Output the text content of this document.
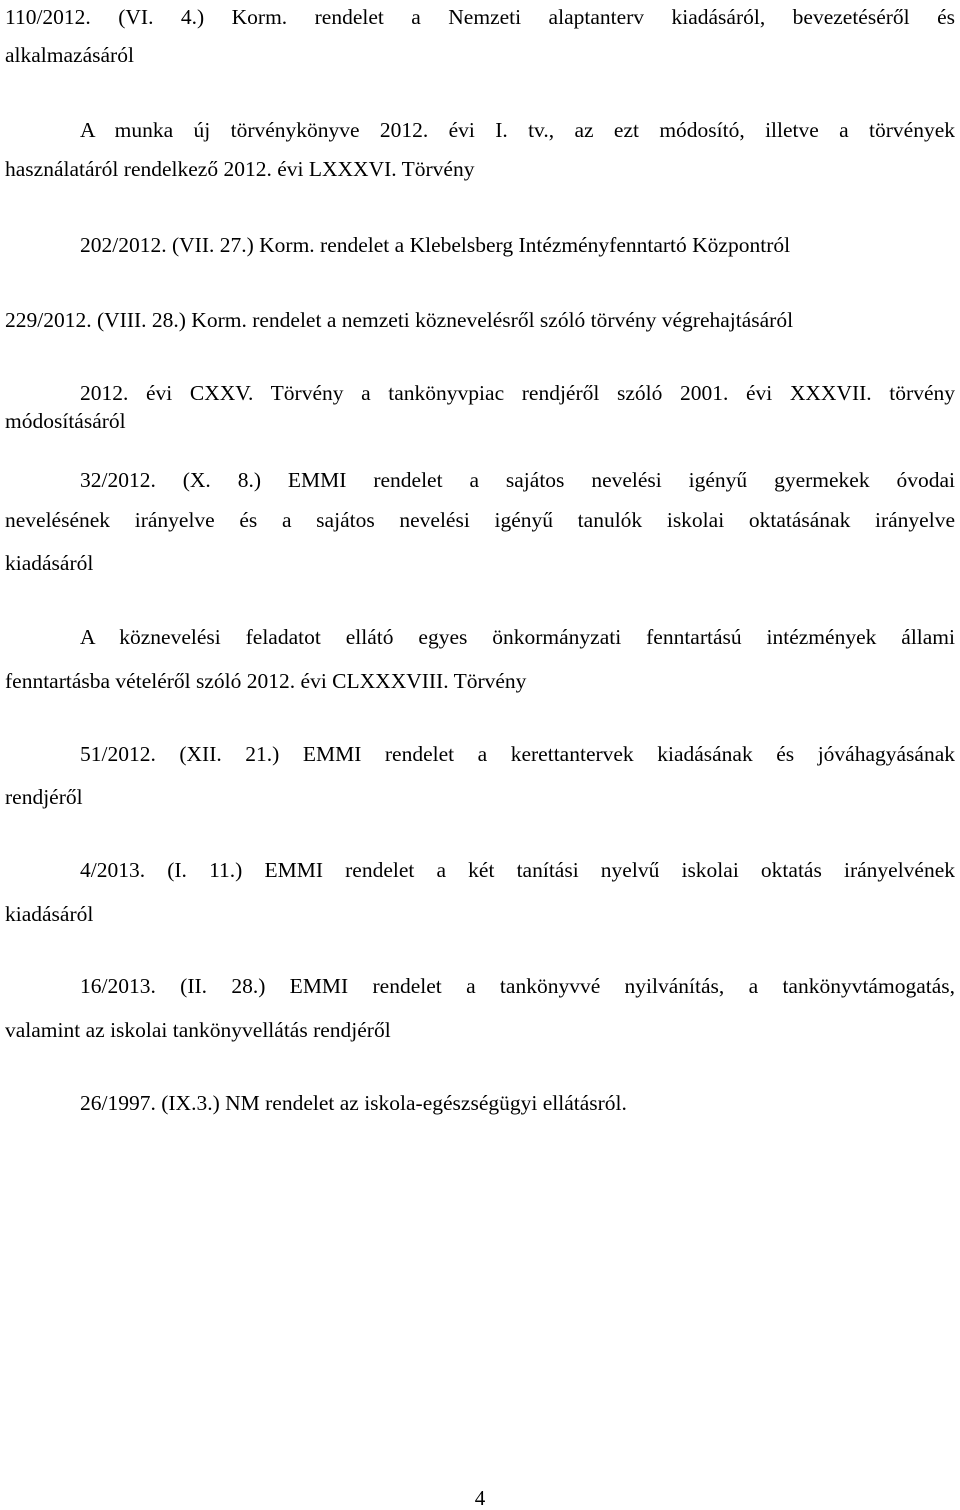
110/2012. (VI. 4.) Korm. rendelet a Nemzeti alaptanterv kiadásáról, bevezetéséről és
alkalmazásáról
A munka új törvénykönyve 2012. évi I. tv., az ezt módosító, illetve a törvények
használatáról rendelkező 2012. évi LXXXVI. Törvény
202/2012. (VII. 27.) Korm. rendelet a Klebelsberg Intézményfenntartó Központról
229/2012. (VIII. 28.) Korm. rendelet a nemzeti köznevelésről szóló törvény végrehajtásáról
2012. évi CXXV. Törvény a tankönyvpiac rendjéről szóló 2001. évi XXXVII. törvény
módosításáról
32/2012. (X. 8.) EMMI rendelet a sajátos nevelési igényű gyermekek óvodai
nevelésének irányelve és a sajátos nevelési igényű tanulók iskolai oktatásának irányelve
kiadásáról
A köznevelési feladatot ellátó egyes önkormányzati fenntartású intézmények állami
fenntartásba vételéről szóló 2012. évi CLXXXVIII. Törvény
51/2012. (XII. 21.) EMMI rendelet a kerettantervek kiadásának és jóváhagyásának
rendjéről
4/2013. (I. 11.) EMMI rendelet a két tanítási nyelvű iskolai oktatás irányelvének
kiadásáról
16/2013. (II. 28.) EMMI rendelet a tankönyvvé nyilvánítás, a tankönyvtámogatás,
valamint az iskolai tankönyvellátás rendjéről
26/1997. (IX.3.) NM rendelet az iskola-egészségügyi ellátásról.
4
